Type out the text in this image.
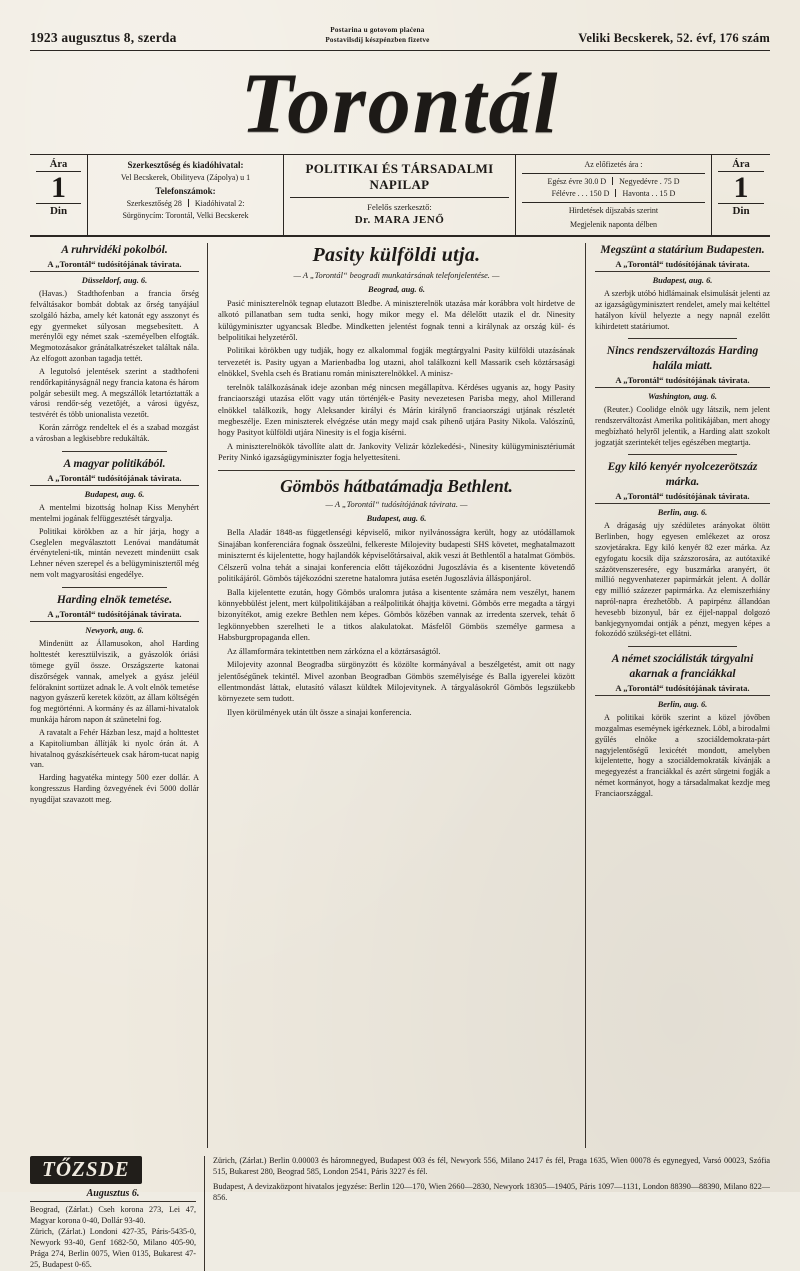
1923 augusztus 8, szerda
Postarina u gotovom plaćena
Postavilsdíj készpénzben fizetve	Veliki Becskerek, 52. évf, 176 szám
Torontál
Ára
1
Din
Szerkesztőség és kiadóhivatal:
Vel Becskerek, Obilityeva (Zápolya) u 1
Telefonszámok:
Szerkesztőség 28 Kiadóhivatal 2:
Sürgönycím: Torontál, Velki Becskerek
POLITIKAI ÉS TÁRSADALMI NAPILAP
Felelős szerkesztő:
Dr. MARA JENŐ
Az előfizetés ára :
Egész évre 30.0 D Negyedévre . 75 D
Félévre . . . 150 D Havonta . . 15 D
Hirdetések díjszabás szerint
Megjelenik naponta délben
Ára
1
Din
A ruhrvidéki pokolból.
A „Torontál“ tudósítójának távirata.
Düsseldorf, aug. 6.

(Havas.) Stadthofenban a francia őrség felváltásakor bombát dobtak az őrség tanyájául szolgáló házba, amely két katonát egy asszonyt és egy gyermeket súlyosan megsebesített. A merénylői egy német szak -szeméyelben elfogták. Megmotozásakor gránátalkatrészeket találtak nála. Az elfogott azonban tagadja tettét.

A legutolsó jelentések szerint a stadthofeni rendőrkapitányságnál negy francia katona és három polgár sebesült meg. A megszállók letartóztatták a városi rendőr-ség vezetőjét, a városi ügyész, testvérét és több unionalista vezetőt.

Korán zárrögz rendeltek el és a szabad mozgást a városban a legkisebbre redukálták.

A magyar politikából.
A „Torontál“ tudósítójának távirata.
Budapest, aug. 6.

A mentelmi bizottság holnap Kiss Menyhért mentelmi jogának felfüggesztését tárgyalja.

Politikai körökben az a hír járja, hogy a Cseglelen megválasztott Lenóvai mandátumát érvényteleni-tik, mintán nevezett mindenütt csak Lehner néven szerepel és a belügyminisztertől még nem volt magyarosítási engedélye.

Harding elnök temetése.
A „Torontál“ tudósítójának távirata.
Newyork, aug. 6.

Mindenütt az Államusokon, ahol Harding holttestét keresztülviszik, a gyászolók óriási tömege gyűl össze. Országszerte katonai díszőrségek vannak, amelyek a gyász jeléül felöraknint sortüzet adnak le. A volt elnök temetése nagyon gyászerű keretek között, az állam költségén fog megtörténni. A kormány és az állami-hivatalok munkája három napon át szünetelni fog.

A ravatalt a Fehér Házban lesz, majd a holttestet a Kapitoliumban állítják ki nyolc órán át. A hivatalnoq gyászkísérteuek csak három-tucat napig van.

Harding hagyatéka mintegy 500 ezer dollár. A kongresszus Harding özvegyének évi 5000 dollár nyugdíjat szavazott meg.

Pasity külföldi utja.
— A „Torontál“ beogradi munkatársának telefonjelentése. —
Beograd, aug. 6.

Pasić miniszterelnök tegnap elutazott Bledbe. A miniszterelnök utazása már korábbra volt hirdetve de alkotó pillanatban sem tudta senki, hogy mikor megy el. Ma délelőtt utazik el dr. Ninesity külügyminiszter ugyancsak Bledbe. Mindketten jelentést fognak tenni a királynak az ország kül- és belpolitikai helyzetéről.

Politikai körökben ugy tudják, hogy ez alkalommal fogják megtárgyalni Pasity külföldi utazásának tervezetét is. Pasity ugyan a Marienbadba log utazni, ahol találkozni kell Massarik cseh köztársasági elnökkel, Svehla cseh és Bratianu román miniszterelnökkel. A minisz-

terelnök találkozásának ideje azonban még nincsen megállapítva. Kérdéses ugyanis az, hogy Pasity franciaországi utazása előtt vagy után történjék-e Pasity nevezetesen Parisba megy, ahol Millerand elnökkel találkozik, hogy Aleksander királyi és Márín királynő franciaországi utjának részletét megbeszélje. Ezen miniszterek elvégzése után megy majd csak pihenő utjára Pasity Nikola. Valószínű, hogy Pasityot külföldi utjára Ninesity is el fogja kísérni.

A miniszterelnökök távollíte alatt dr. Jankovity Velizár közlekedési-, Ninesity külügyminisztériumát Perity Ninkó igazságügyminiszter fogja helyettesíteni.

Gömbös hátbatámadja Bethlent.
— A „Torontál“ tudósítójának távirata. —
Budapest, aug. 6.

Bella Aladár 1848-as függetlenségi képviselő, mikor nyilvánosságra került, hogy az utódállamok Sinajában konferenciára fognak összeülni, felkereste Milojevity budapesti SHS követet, meghatalmazott miniszternt és kijelentette, hogy hajlandók képviselőtársaival, akik veszi át Bethlentől a hatalmat Gömbös. Célszerű volna tehát a sinajai konferencia előtt tájékozódni Jugoszlávia és a kisentente követendő politikájáról. Gömbös tájékozódni szeretne hatalomra jutása esetén Jugoszlávia állásponjárol.

Balla kijelentette ezután, hogy Gömbös uralomra jutása a kisentente számára nem veszélyt, hanem könnyebbülést jelent, mert külpolitikájában a reálpolitikát óhajtja követni. Gömbös erre megadta a tárgyi bizonyítékot, amig ezekre Bethlen nem képes. Gömbös közében vannak az irredenta szervek, tehát ő legkönnyebben szerelheti le a titkos alakulatokat. Másfelől Gömbös személye garmesa a Habsburgpropaganda ellen.

Az államformára tekintettben nem zárkózna el a köztársaságtól.

Milojevity azonnal Beogradba sürgönyzött és közölte kormányával a beszélgetést, amit ott nagy jelentőségűnek tekintél. Mivel azonban Beogradban Gömbös személyisége és Balla igyerelei között ellentmondást láttak, elutasító választ küldtek Milojevitynek. A tárgyalásokról Gömbös legszükebb környezete sem tudott.

Ilyen körülmények után ült össze a sinajai konferencia.

Megszünt a statárium Budapesten.
A „Torontál“ tudósítójának távirata.
Budapest, aug. 6.

A szerbjk utóbó hidlámainak elsimulását jelenti az az igazságügyminisztert rendelet, amely mai keltéttel hatályon kívül helyezte a negy napnál ezelőtt kihirdetett statáriumot.

Nincs rendszerváltozás Harding halála miatt.
A „Torontál“ tudósítójának távirata.
Washington, aug. 6.

(Reuter.) Coolidge elnök ugy látszik, nem jelent rendszerváltozást Amerika politikájában, mert ahogy megbízható helyről jelentik, a Harding alatt szokolt jogzatját szerintekét teljes egészében megtartja.

Egy kiló kenyér nyolcezerötszáz márka.
A „Torontál“ tudósítójának távirata.
Berlin, aug. 6.

A drágaság ujy szédületes arányokat öltött Berlinben, hogy egyesen emlékezet az orosz szovjetárakra. Egy kiló kenyér 82 ezer márka. Az egyfogatu kocsik díja százszorosára, az autótaxiké százötvenszeresére, egy buszmárka aranyért, öt millió negyvenhatezer papirmárkát jelent. A dollár egy millió százezer papirmárka. Az elemiszerhiány napról-napra érezhetőbb. A papirpénz állandóan hevesebb bizonyul, bár ez éjjel-nappal dolgozó bankjegynyomdai ontják a pénzt, megyen képes a fokozódó szükségi-tet ellátni.

A német szociálisták tárgyalni akarnak a franciákkal
A „Torontál“ tudósítójának távirata.
Berlin, aug. 6.

A politikai körök szerint a közel jövőben mozgalmas eseméynek igérkeznek. Löbl, a birodalmi gyűlés elnöke a szociáldemokrata-párt nagyjelentőségű lexicétét mondott, amelyben kijelentette, hogy a szociáldemokraták kívánják a megegyezést a franciákkal és azért sürgetni fogják a német kormányot, hogy a társadalmakat kezdje meg Franciaországgal.

TŐZSDE
Augusztus 6.
Beograd, (Zárlat.) Cseh korona 273, Lei 47, Magyar korona 0-40, Dollár 93-40.
Zürich, (Zárlat.) Londoni 427-35, Páris-5435-0, Newyork 93-40, Genf 1682-50, Milano 405-90, Prága 274, Berlin 0075, Wien 0135, Bukarest 47-25, Budapest 0-65.
Zürich, (Zárlat.) Berlin 0.00003 és háromnegyed, Budapest 003 és fél, Newyork 556, Milano 2417 és fél, Praga 1635, Wien 00078 és egynegyed, Varsó 00023, Szófia 515, Bukarest 280, Beograd 585, London 2541, Páris 3227 és fél.
Budapest, A devizaközpont hivatalos jegyzése: Berlin 120—170, Wien 2660—2830, Newyork 18305—19405, Páris 1097—1131, London 88390—88390, Milano 822—856.
